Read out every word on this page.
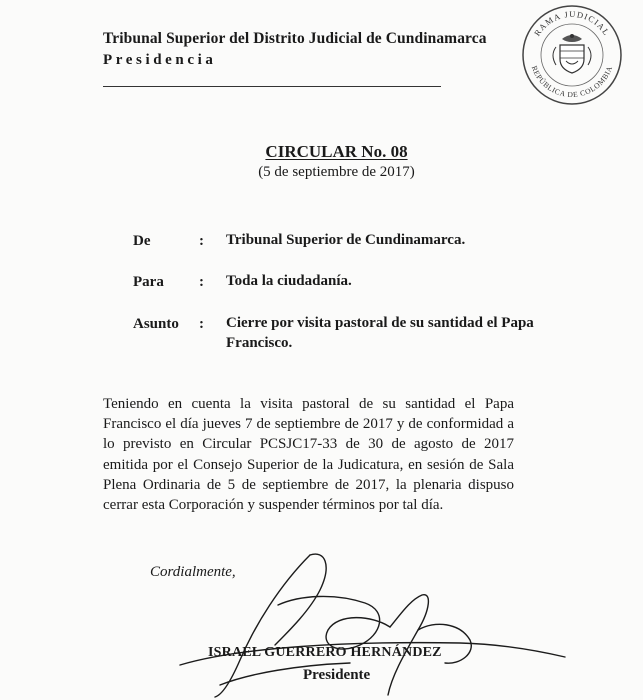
Tribunal Superior del Distrito Judicial de Cundinamarca
Presidencia
RAMA JUDICIAL
REPÚBLICA DE COLOMBIA
CIRCULAR No. 08
(5 de septiembre de 2017)
De	: Tribunal Superior de Cundinamarca.
Para : Toda la ciudadanía.
Asunto : Cierre por visita pastoral de su santidad el Papa Francisco.
Teniendo en cuenta la visita pastoral de su santidad el Papa Francisco el día jueves 7 de septiembre de 2017 y de conformidad a lo previsto en Circular PCSJC17-33 de 30 de agosto de 2017 emitida por el Consejo Superior de la Judicatura, en sesión de Sala Plena Ordinaria de 5 de septiembre de 2017, la plenaria dispuso cerrar esta Corporación y suspender términos por tal día.
Cordialmente,
ISRAEL GUERRERO HERNÁNDEZ
Presidente
